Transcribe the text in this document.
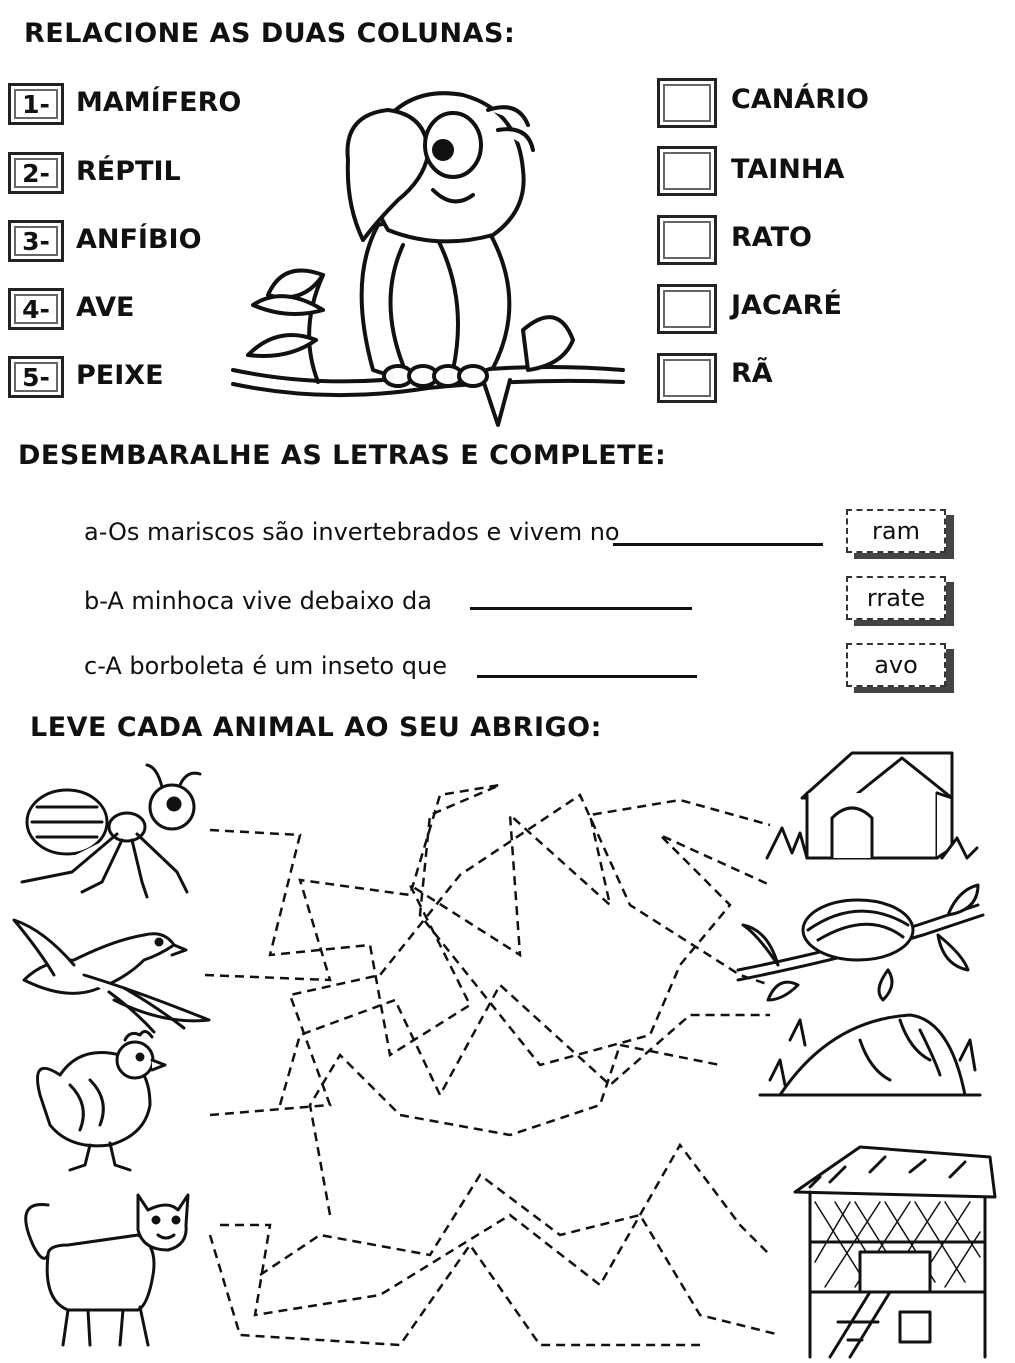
RELACIONE AS DUAS COLUNAS:
1- MAMÍFERO
2- RÉPTIL
3- ANFÍBIO
4- AVE
5- PEIXE
CANÁRIO
TAINHA
RATO
JACARÉ
RÃ
DESEMBARALHE AS LETRAS E COMPLETE:
a-Os mariscos são invertebrados e vivem no	ram
b-A minhoca vive debaixo da	rrate
c-A borboleta é um inseto que	avo
LEVE CADA ANIMAL AO SEU ABRIGO:
